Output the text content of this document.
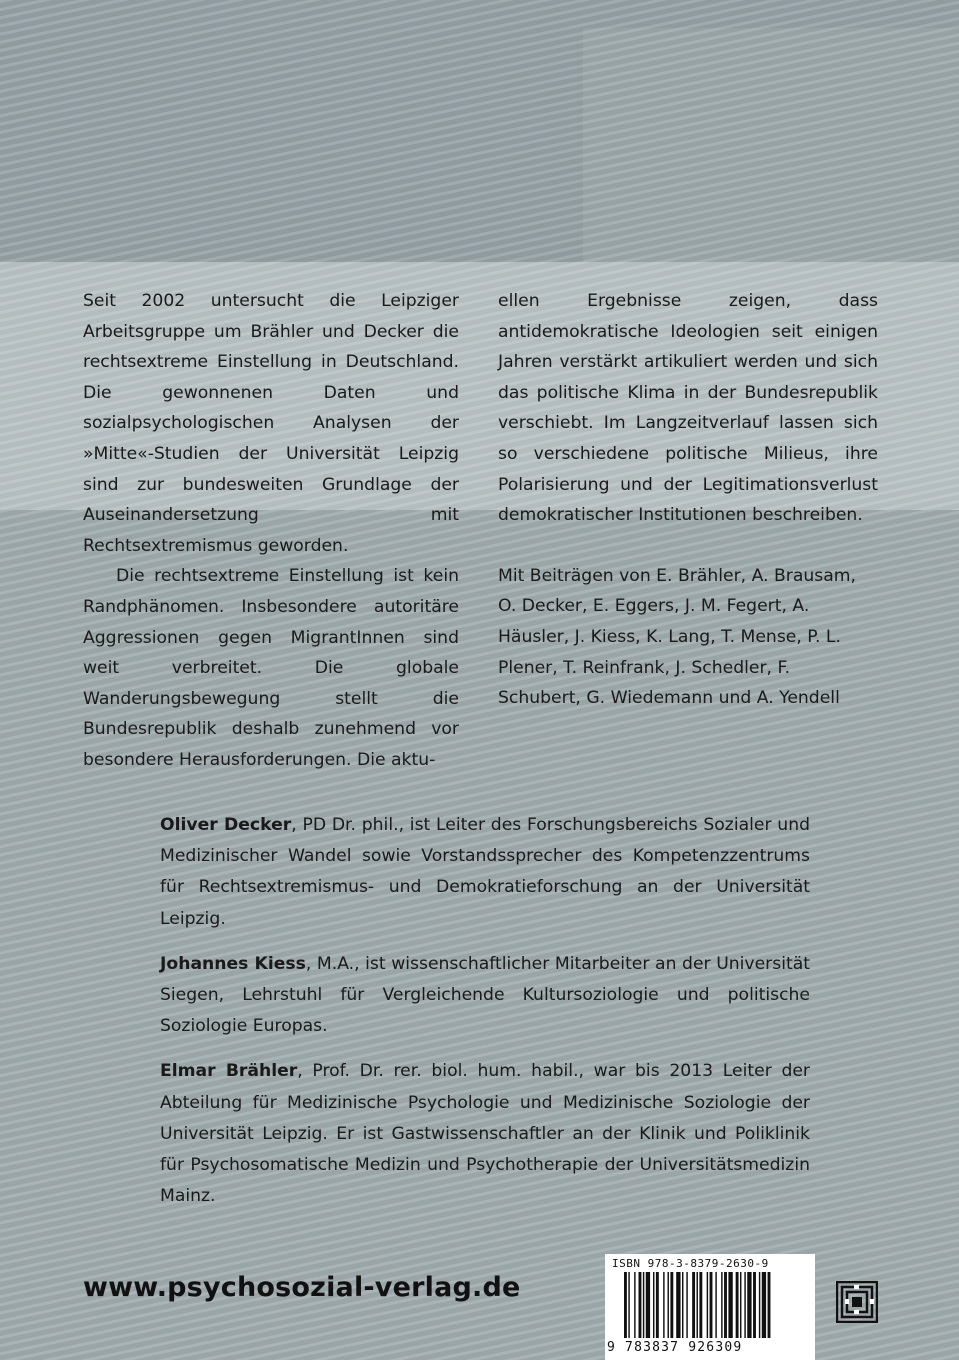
Seit 2002 untersucht die Leipziger Arbeitsgruppe um Brähler und Decker die rechtsextreme Einstellung in Deutschland. Die gewonnenen Daten und sozialpsychologischen Analysen der »Mitte«-Studien der Universität Leipzig sind zur bundesweiten Grundlage der Auseinandersetzung mit Rechtsextremismus geworden.

Die rechtsextreme Einstellung ist kein Randphänomen. Insbesondere autoritäre Aggressionen gegen MigrantInnen sind weit verbreitet. Die globale Wanderungsbewegung stellt die Bundesrepublik deshalb zunehmend vor besondere Herausforderungen. Die aktu-

ellen Ergebnisse zeigen, dass antidemokratische Ideologien seit einigen Jahren verstärkt artikuliert werden und sich das politische Klima in der Bundesrepublik verschiebt. Im Langzeitverlauf lassen sich so verschiedene politische Milieus, ihre Polarisierung und der Legitimationsverlust demokratischer Institutionen beschreiben.

Mit Beiträgen von E. Brähler, A. Brausam, O. Decker, E. Eggers, J. M. Fegert, A. Häusler, J. Kiess, K. Lang, T. Mense, P. L. Plener, T. Reinfrank, J. Schedler, F. Schubert, G. Wiedemann und A. Yendell

Oliver Decker, PD Dr. phil., ist Leiter des Forschungsbereichs Sozialer und Medizinischer Wandel sowie Vorstandssprecher des Kompetenzzentrums für Rechtsextremismus- und Demokratieforschung an der Universität Leipzig.

Johannes Kiess, M.A., ist wissenschaftlicher Mitarbeiter an der Universität Siegen, Lehrstuhl für Vergleichende Kultursoziologie und politische Soziologie Europas.

Elmar Brähler, Prof. Dr. rer. biol. hum. habil., war bis 2013 Leiter der Abteilung für Medizinische Psychologie und Medizinische Soziologie der Universität Leipzig. Er ist Gastwissenschaftler an der Klinik und Poliklinik für Psychosomatische Medizin und Psychotherapie der Universitätsmedizin Mainz.

www.psychosozial-verlag.de
ISBN 978-3-8379-2630-9
9 783837 926309
